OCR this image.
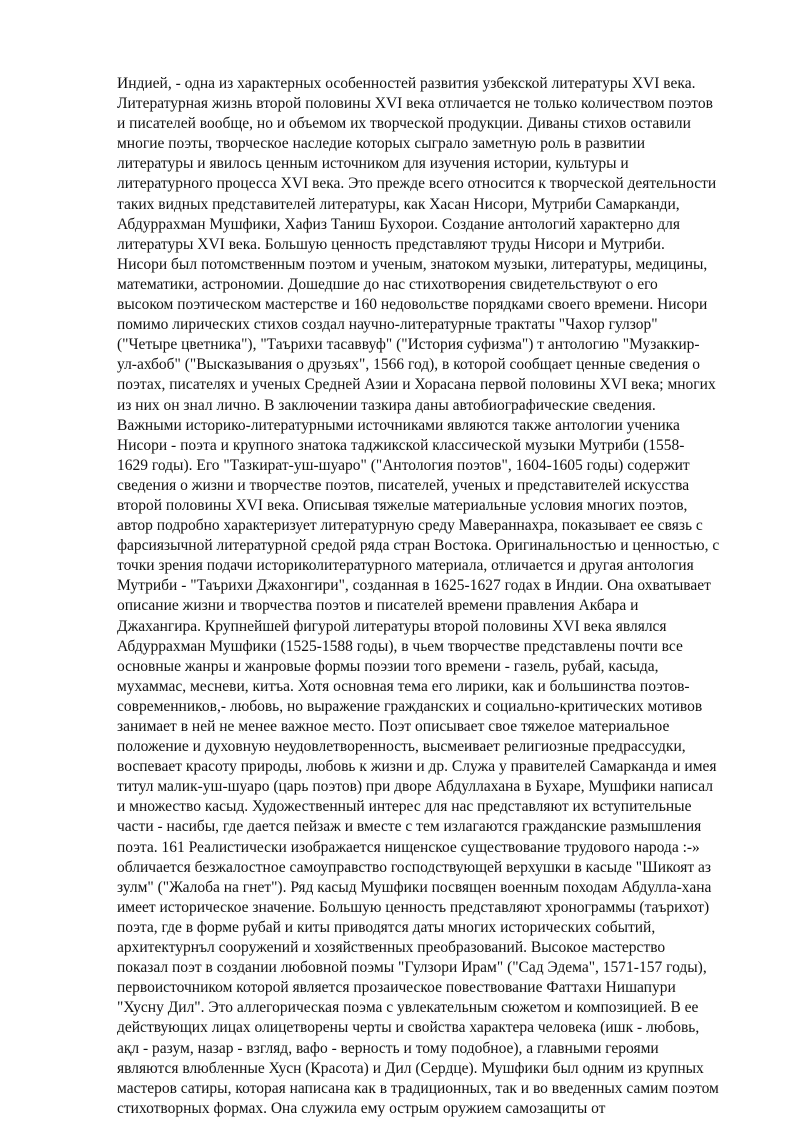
Индией, - одна из характерных особенностей развития узбекской литературы XVI века.
Литературная жизнь второй половины XVI века отличается не только количеством поэтов
и писателей вообще, но и объемом их творческой продукции. Диваны стихов оставили
многие поэты, творческое наследие которых сыграло заметную роль в развитии
литературы и явилось ценным источником для изучения истории, культуры и
литературного процесса XVI века. Это прежде всего относится к творческой деятельности
таких видных представителей литературы, как Хасан Нисори, Мутриби Самарканди,
Абдуррахман Мушфики, Хафиз Таниш Бухорои. Создание антологий характерно для
литературы XVI века. Большую ценность представляют труды Нисори и Мутриби.
Нисори был потомственным поэтом и ученым, знатоком музыки, литературы, медицины,
математики, астрономии. Дошедшие до нас стихотворения свидетельствуют о его
высоком поэтическом мастерстве и 160 недовольстве порядками своего времени. Нисори
помимо лирических стихов создал научно-литературные трактаты "Чахор гулзор"
("Четыре цветника"), "Таърихи тасаввуф" ("История суфизма") т антологию "Музаккир-
ул-ахбоб" ("Высказывания о друзьях", 1566 год), в которой сообщает ценные сведения о
поэтах, писателях и ученых Средней Азии и Хорасана первой половины XVI века; многих
из них он знал лично. В заключении тазкира даны автобиографические сведения.
Важными историко-литературными источниками являются также антологии ученика
Нисори - поэта и крупного знатока таджикской классической музыки Мутриби (1558-
1629 годы). Его "Тазкират-уш-шуаро" ("Антология поэтов", 1604-1605 годы) содержит
сведения о жизни и творчестве поэтов, писателей, ученых и представителей искусства
второй половины XVI века. Описывая тяжелые материальные условия многих поэтов,
автор подробно характеризует литературную среду Мавераннахра, показывает ее связь с
фарсиязычной литературной средой ряда стран Востока. Оригинальностью и ценностью, с
точки зрения подачи историколитературного материала, отличается и другая антология
Мутриби - "Таърихи Джахонгири", созданная в 1625-1627 годах в Индии. Она охватывает
описание жизни и творчества поэтов и писателей времени правления Акбара и
Джахангира. Крупнейшей фигурой литературы второй половины XVI века являлся
Абдуррахман Мушфики (1525-1588 годы), в чьем творчестве представлены почти все
основные жанры и жанровые формы поэзии того времени - газель, рубай, касыда,
мухаммас, месневи, китъа. Хотя основная тема его лирики, как и большинства поэтов-
современников,- любовь, но выражение гражданских и социально-критических мотивов
занимает в ней не менее важное место. Поэт описывает свое тяжелое материальное
положение и духовную неудовлетворенность, высмеивает религиозные предрассудки,
воспевает красоту природы, любовь к жизни и др. Служа у правителей Самарканда и имея
титул малик-уш-шуаро (царь поэтов) при дворе Абдуллахана в Бухаре, Мушфики написал
и множество касыд. Художественный интерес для нас представляют их вступительные
части - насибы, где дается пейзаж и вместе с тем излагаются гражданские размышления
поэта. 161 Реалистически изображается нищенское существование трудового народа :-»
обличается безжалостное самоуправство господствующей верхушки в касыде "Шикоят аз
зулм" ("Жалоба на гнет"). Ряд касыд Мушфики посвящен военным походам Абдулла-хана
имеет историческое значение. Большую ценность представляют хронограммы (таърихот)
поэта, где в форме рубай и киты приводятся даты многих исторических событий,
архитектурнъл сооружений и хозяйственных преобразований. Высокое мастерство
показал поэт в создании любовной поэмы "Гулзори Ирам" ("Сад Эдема", 1571-157 годы),
первоисточником которой является прозаическое повествование Фаттахи Нишапури
"Хусну Дил". Это аллегорическая поэма с увлекательным сюжетом и композицией. В ее
действующих лицах олицетворены черты и свойства характера человека (ишк - любовь,
ақл - разум, назар - взгляд, вафо - верность и тому подобное), а главными героями
являются влюбленные Хусн (Красота) и Дил (Сердце). Мушфики был одним из крупных
мастеров сатиры, которая написана как в традиционных, так и во введенных самим поэтом
стихотворных формах. Она служила ему острым оружием самозащиты от
